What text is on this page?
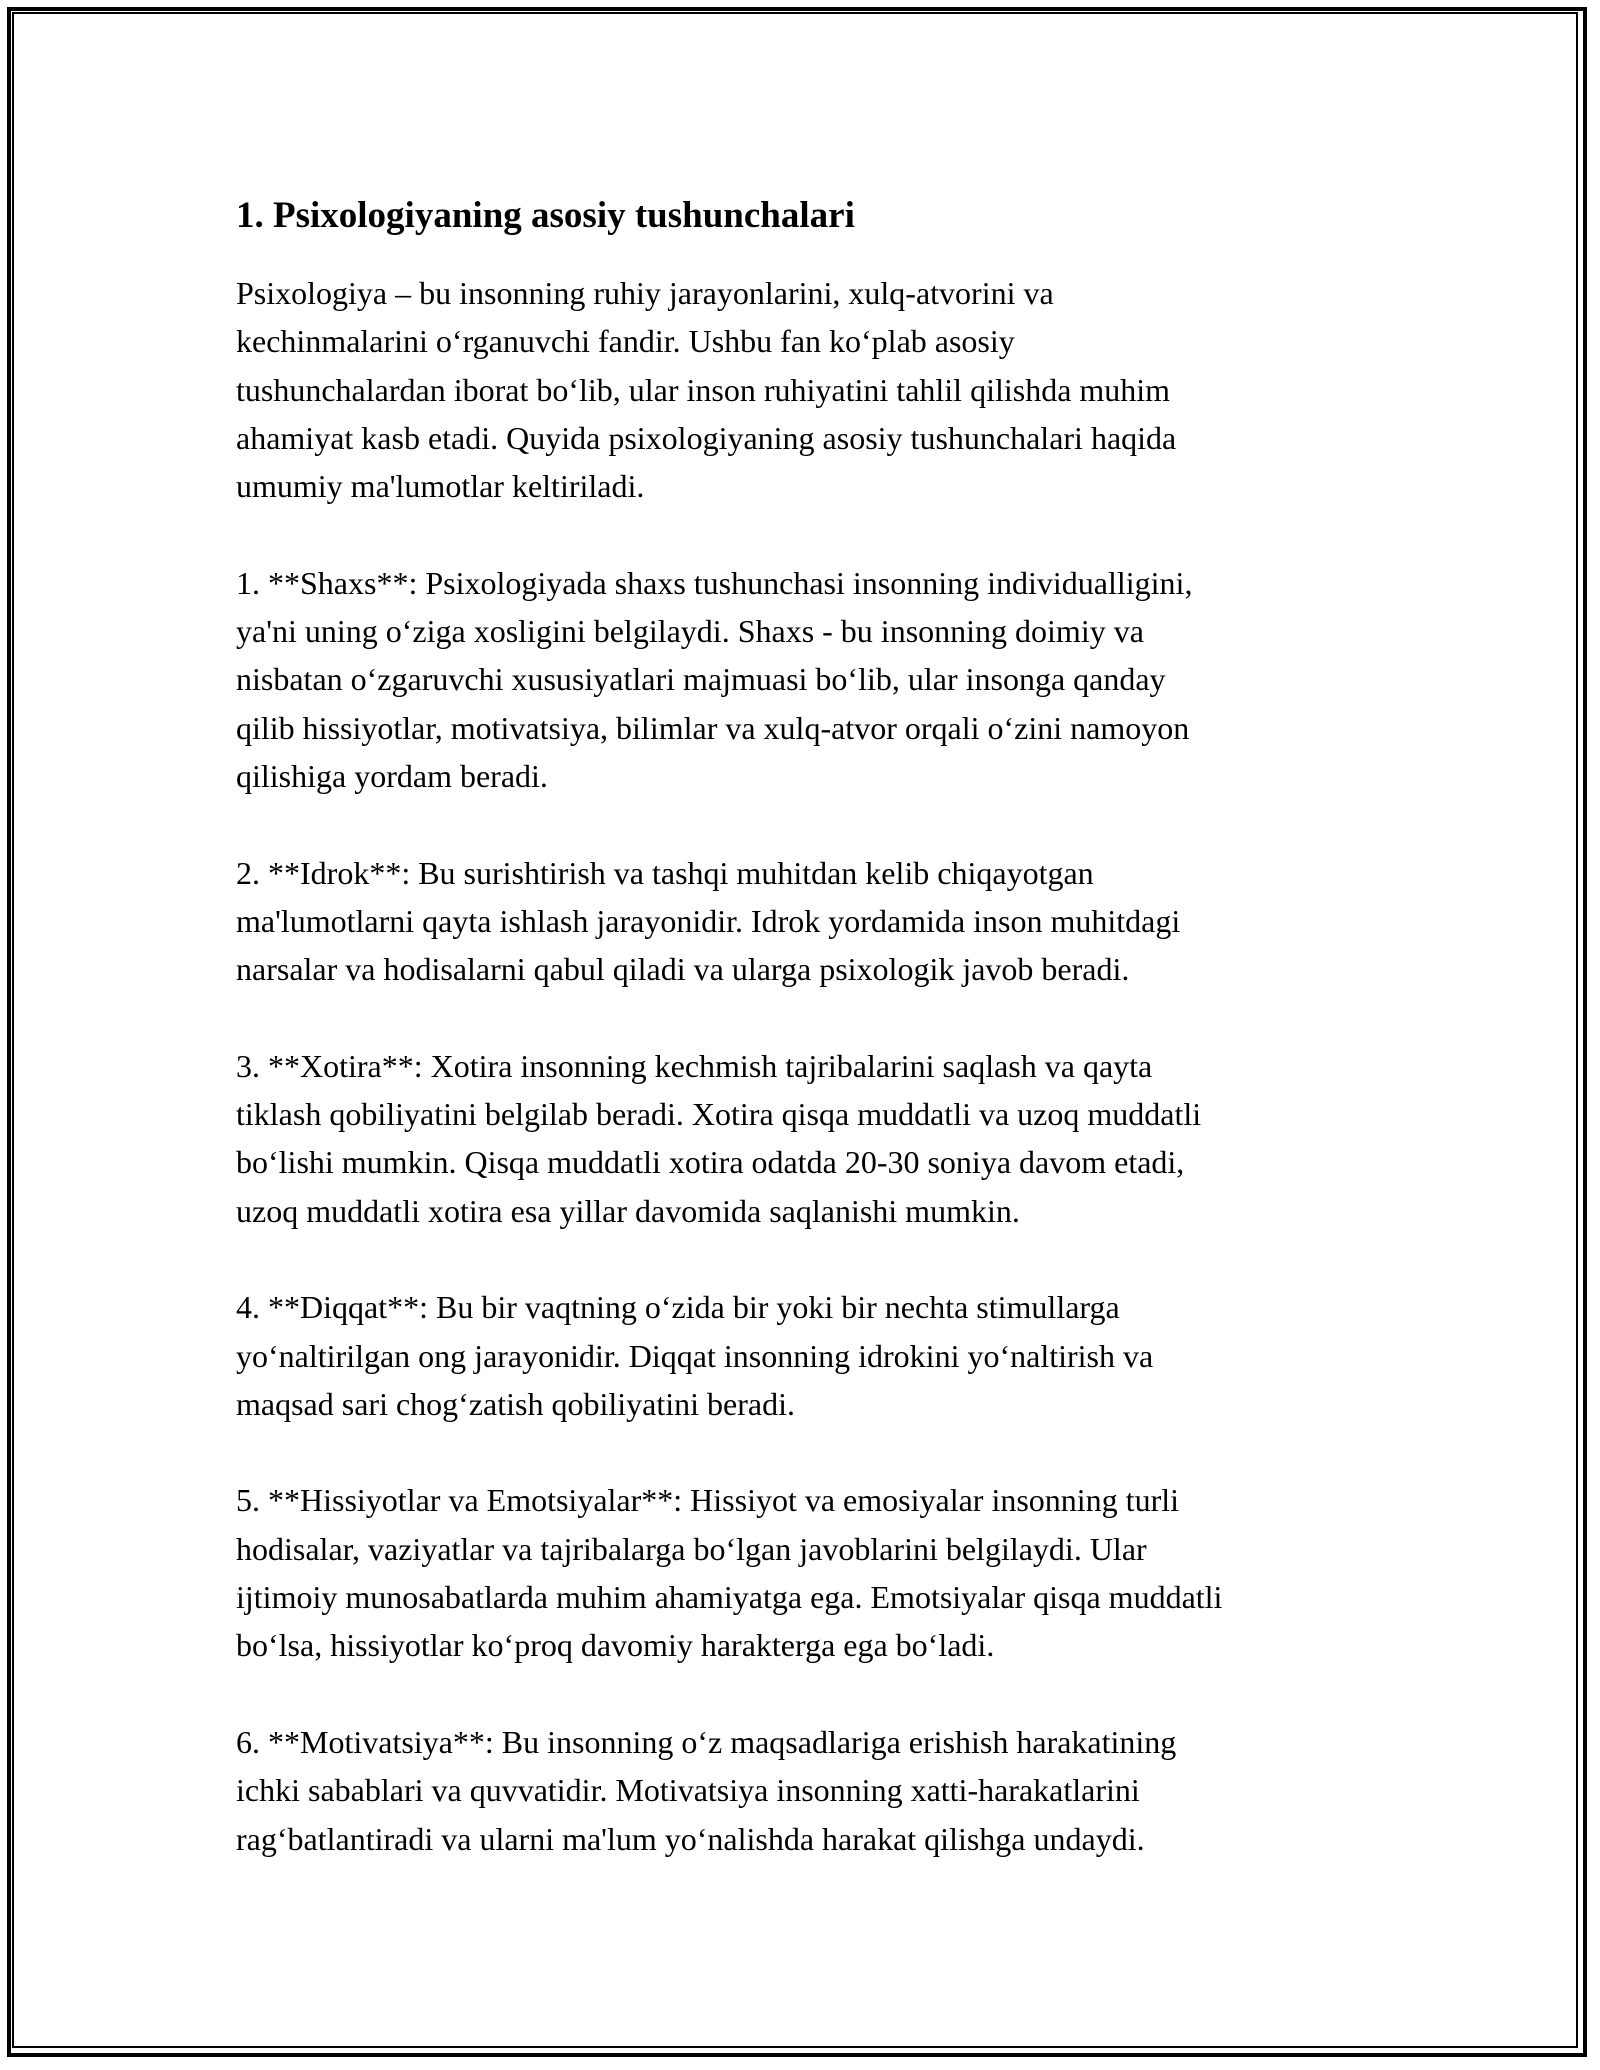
1. Psixologiyaning asosiy tushunchalari

Psixologiya – bu insonning ruhiy jarayonlarini, xulq-atvorini va
kechinmalarini o‘rganuvchi fandir. Ushbu fan ko‘plab asosiy
tushunchalardan iborat bo‘lib, ular inson ruhiyatini tahlil qilishda muhim
ahamiyat kasb etadi. Quyida psixologiyaning asosiy tushunchalari haqida
umumiy ma'lumotlar keltiriladi.

1. **Shaxs**: Psixologiyada shaxs tushunchasi insonning individualligini,
ya'ni uning o‘ziga xosligini belgilaydi. Shaxs - bu insonning doimiy va
nisbatan o‘zgaruvchi xususiyatlari majmuasi bo‘lib, ular insonga qanday
qilib hissiyotlar, motivatsiya, bilimlar va xulq-atvor orqali o‘zini namoyon
qilishiga yordam beradi.

2. **Idrok**: Bu surishtirish va tashqi muhitdan kelib chiqayotgan
ma'lumotlarni qayta ishlash jarayonidir. Idrok yordamida inson muhitdagi
narsalar va hodisalarni qabul qiladi va ularga psixologik javob beradi.

3. **Xotira**: Xotira insonning kechmish tajribalarini saqlash va qayta
tiklash qobiliyatini belgilab beradi. Xotira qisqa muddatli va uzoq muddatli
bo‘lishi mumkin. Qisqa muddatli xotira odatda 20-30 soniya davom etadi,
uzoq muddatli xotira esa yillar davomida saqlanishi mumkin.

4. **Diqqat**: Bu bir vaqtning o‘zida bir yoki bir nechta stimullarga
yo‘naltirilgan ong jarayonidir. Diqqat insonning idrokini yo‘naltirish va
maqsad sari chog‘zatish qobiliyatini beradi.

5. **Hissiyotlar va Emotsiyalar**: Hissiyot va emosiyalar insonning turli
hodisalar, vaziyatlar va tajribalarga bo‘lgan javoblarini belgilaydi. Ular
ijtimoiy munosabatlarda muhim ahamiyatga ega. Emotsiyalar qisqa muddatli
bo‘lsa, hissiyotlar ko‘proq davomiy harakterga ega bo‘ladi.

6. **Motivatsiya**: Bu insonning o‘z maqsadlariga erishish harakatining
ichki sabablari va quvvatidir. Motivatsiya insonning xatti-harakatlarini
rag‘batlantiradi va ularni ma'lum yo‘nalishda harakat qilishga undaydi.
